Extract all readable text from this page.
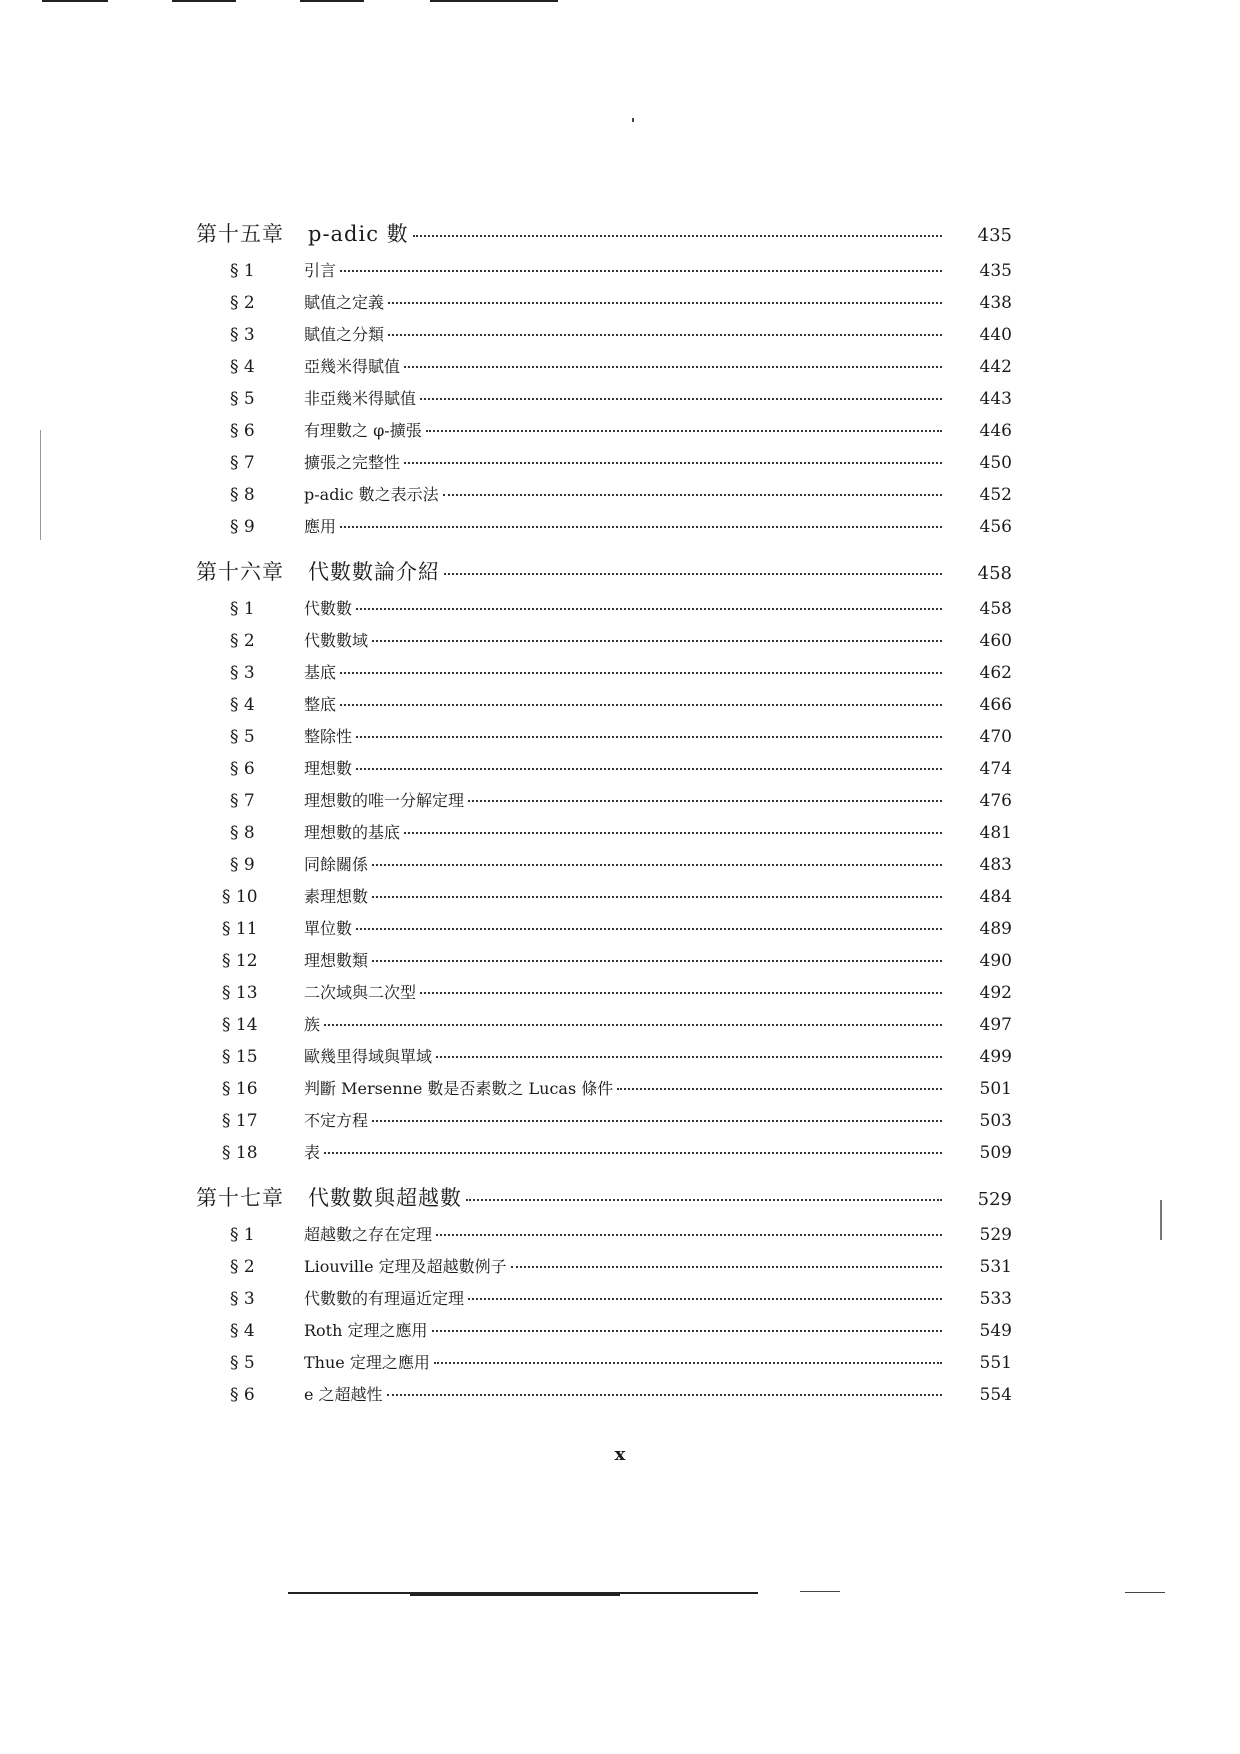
第十五章	p-adic 數	435
§ 1	引言	435
§ 2	賦值之定義	438
§ 3	賦值之分類	440
§ 4	亞幾米得賦值	442
§ 5	非亞幾米得賦值	443
§ 6	有理數之 φ-擴張	446
§ 7	擴張之完整性	450
§ 8	p-adic 數之表示法	452
§ 9	應用	456
第十六章	代數數論介紹	458
§ 1	代數數	458
§ 2	代數數域	460
§ 3	基底	462
§ 4	整底	466
§ 5	整除性	470
§ 6	理想數	474
§ 7	理想數的唯一分解定理	476
§ 8	理想數的基底	481
§ 9	同餘關係	483
§ 10	素理想數	484
§ 11	單位數	489
§ 12	理想數類	490
§ 13	二次域與二次型	492
§ 14	族	497
§ 15	歐幾里得域與單域	499
§ 16	判斷 Mersenne 數是否素數之 Lucas 條件	501
§ 17	不定方程	503
§ 18	表	509
第十七章	代數數與超越數	529
§ 1	超越數之存在定理	529
§ 2	Liouville 定理及超越數例子	531
§ 3	代數數的有理逼近定理	533
§ 4	Roth 定理之應用	549
§ 5	Thue 定理之應用	551
§ 6	e 之超越性	554
x
